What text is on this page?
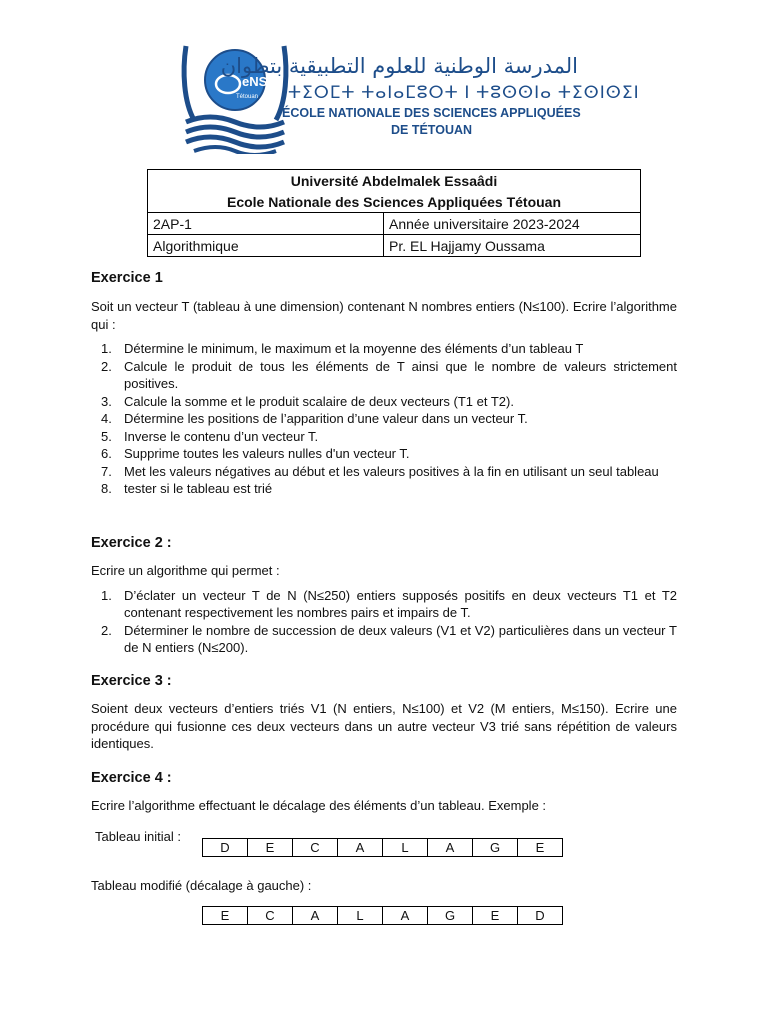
eNSA
Tétouan
المدرسة الوطنية للعلوم التطبيقية بتطوان
ⵜⵉⵔⵎⵜ ⵜⴰⵏⴰⵎⵓⵔⵜ ⵏ ⵜⵓⵙⵙⵏⴰ ⵜⵉⵙⵏⵙⵉⵏ
ÉCOLE NATIONALE DES SCIENCES APPLIQUÉES
DE TÉTOUAN
Université Abdelmalek Essaâdi	
Ecole Nationale des Sciences Appliquées Tétouan	
2AP-1	Année universitaire 2023-2024
Algorithmique	Pr. EL Hajjamy Oussama
Exercice 1

Soit un vecteur T (tableau à une dimension) contenant N nombres entiers (N≤100). Ecrire l’algorithme qui :

1. Détermine le minimum, le maximum et la moyenne des éléments d’un tableau T
2. Calcule le produit de tous les éléments de T ainsi que le nombre de valeurs strictement positives.
3. Calcule la somme et le produit scalaire de deux vecteurs (T1 et T2).
4. Détermine les positions de l’apparition d’une valeur dans un vecteur T.
5. Inverse le contenu d’un vecteur T.
6. Supprime toutes les valeurs nulles d'un vecteur T.
7. Met les valeurs négatives au début et les valeurs positives à la fin en utilisant un seul tableau
8. tester si le tableau est trié
Exercice 2 :

Ecrire un algorithme qui permet :

1. D’éclater un vecteur T de N (N≤250) entiers supposés positifs en deux vecteurs T1 et T2 contenant respectivement les nombres pairs et impairs de T.
2. Déterminer le nombre de succession de deux valeurs (V1 et V2) particulières dans un vecteur T de N entiers (N≤200).
Exercice 3 :

Soient deux vecteurs d’entiers triés V1 (N entiers, N≤100) et V2 (M entiers, M≤150). Ecrire une procédure qui fusionne ces deux vecteurs dans un autre vecteur V3 trié sans répétition de valeurs identiques.

Exercice 4 :

Ecrire l’algorithme effectuant le décalage des éléments d’un tableau. Exemple :

Tableau initial :
D	E	C	A	L	A	G	E
Tableau modifié (décalage à gauche) :
E	C	A	L	A	G	E	D
